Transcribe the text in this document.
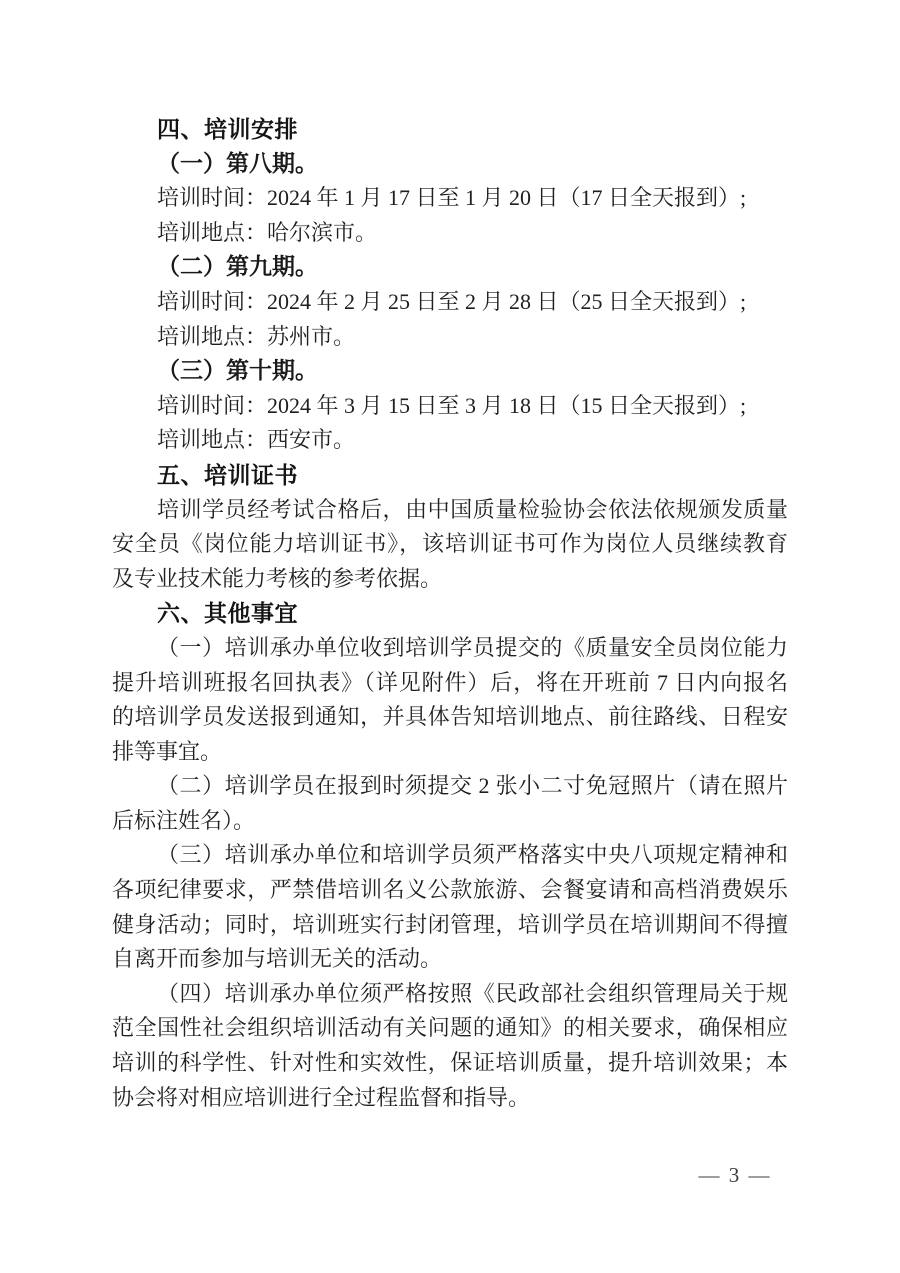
四、培训安排
（一）第八期。
培训时间：2024 年 1 月 17 日至 1 月 20 日（17 日全天报到）;
培训地点：哈尔滨市。
（二）第九期。
培训时间：2024 年 2 月 25 日至 2 月 28 日（25 日全天报到）;
培训地点：苏州市。
（三）第十期。
培训时间：2024 年 3 月 15 日至 3 月 18 日（15 日全天报到）;
培训地点：西安市。
五、培训证书
培训学员经考试合格后，由中国质量检验协会依法依规颁发质量
安全员《岗位能力培训证书》，该培训证书可作为岗位人员继续教育
及专业技术能力考核的参考依据。
六、其他事宜
（一）培训承办单位收到培训学员提交的《质量安全员岗位能力
提升培训班报名回执表》（详见附件）后，将在开班前 7 日内向报名
的培训学员发送报到通知，并具体告知培训地点、前往路线、日程安
排等事宜。
（二）培训学员在报到时须提交 2 张小二寸免冠照片（请在照片
后标注姓名）。
（三）培训承办单位和培训学员须严格落实中央八项规定精神和
各项纪律要求，严禁借培训名义公款旅游、会餐宴请和高档消费娱乐
健身活动；同时，培训班实行封闭管理，培训学员在培训期间不得擅
自离开而参加与培训无关的活动。
（四）培训承办单位须严格按照《民政部社会组织管理局关于规
范全国性社会组织培训活动有关问题的通知》的相关要求，确保相应
培训的科学性、针对性和实效性，保证培训质量，提升培训效果；本
协会将对相应培训进行全过程监督和指导。
— 3 —
